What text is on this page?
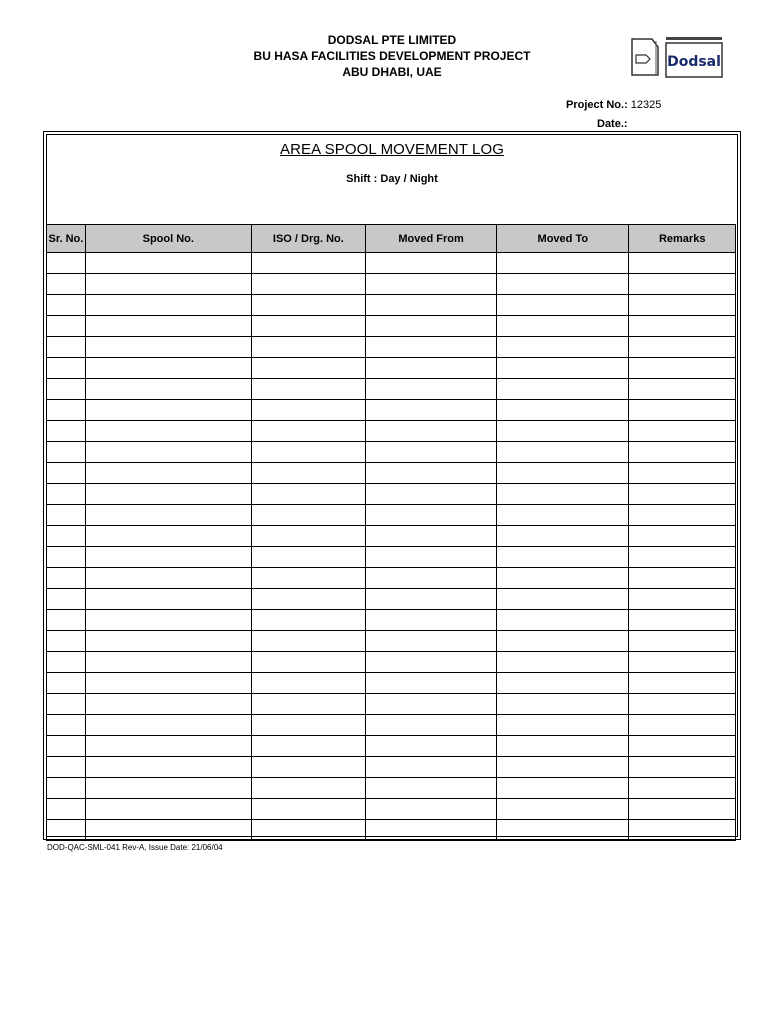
DODSAL PTE LIMITED
BU HASA FACILITIES DEVELOPMENT PROJECT
ABU DHABI, UAE
Dodsal
Project No.: 12325
Date.:
AREA SPOOL MOVEMENT LOG
Shift : Day / Night
Sr. No.	Spool No.	ISO / Drg. No.	Moved From	Moved To	Remarks

DOD-QAC-SML-041 Rev-A, Issue Date: 21/06/04
